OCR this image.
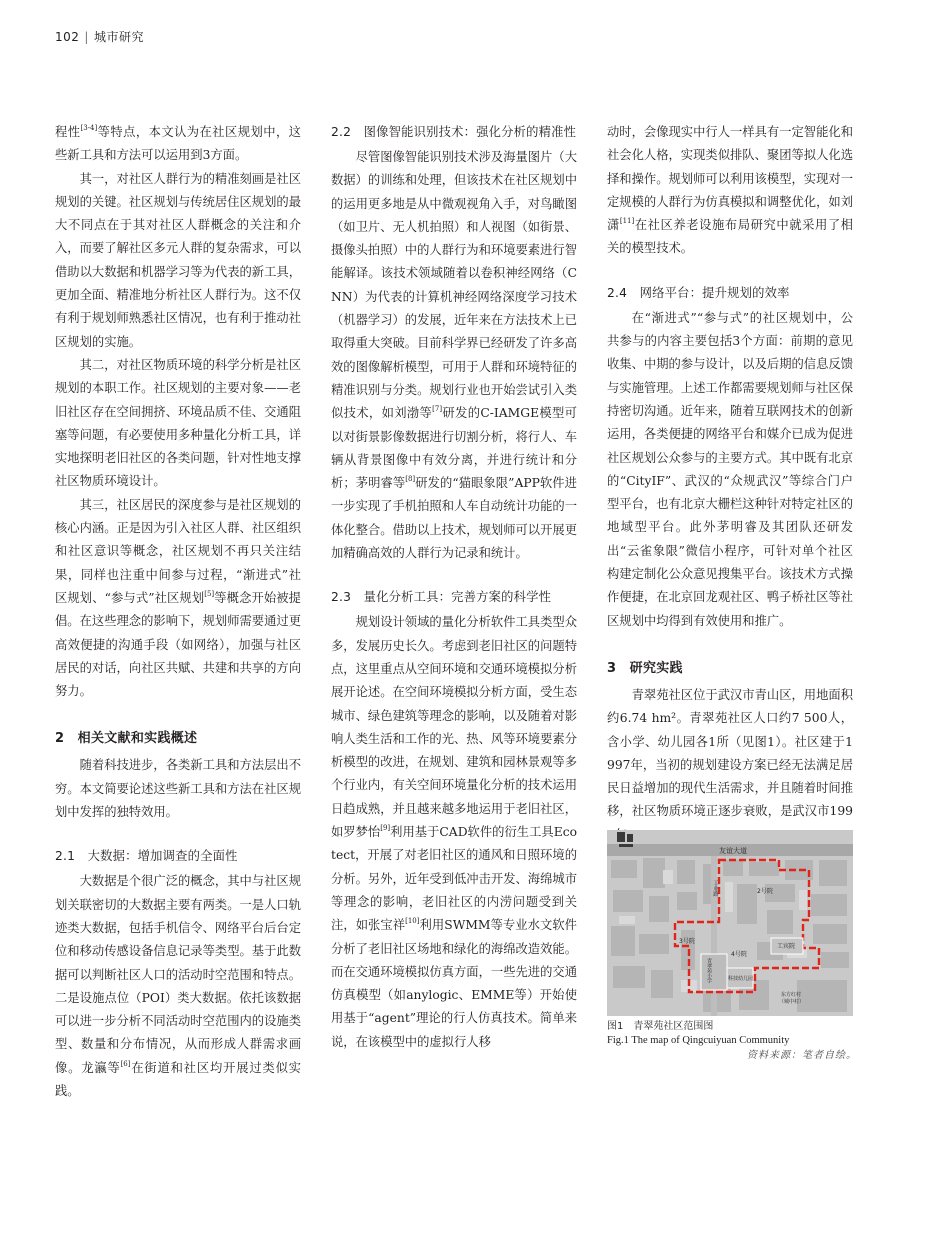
102 | 城市研究

程性[3-4]等特点，本文认为在社区规划中，这些新工具和方法可以运用到3方面。

其一，对社区人群行为的精准刻画是社区规划的关键。社区规划与传统居住区规划的最大不同点在于其对社区人群概念的关注和介入，而要了解社区多元人群的复杂需求，可以借助以大数据和机器学习等为代表的新工具，更加全面、精准地分析社区人群行为。这不仅有利于规划师熟悉社区情况，也有利于推动社区规划的实施。

其二，对社区物质环境的科学分析是社区规划的本职工作。社区规划的主要对象——老旧社区存在空间拥挤、环境品质不佳、交通阻塞等问题，有必要使用多种量化分析工具，详实地探明老旧社区的各类问题，针对性地支撑社区物质环境设计。

其三，社区居民的深度参与是社区规划的核心内涵。正是因为引入社区人群、社区组织和社区意识等概念，社区规划不再只关注结果，同样也注重中间参与过程，“渐进式”社区规划、“参与式”社区规划[5]等概念开始被提倡。在这些理念的影响下，规划师需要通过更高效便捷的沟通手段（如网络），加强与社区居民的对话，向社区共赋、共建和共享的方向努力。

2　相关文献和实践概述

随着科技进步，各类新工具和方法层出不穷。本文简要论述这些新工具和方法在社区规划中发挥的独特效用。

2.1　大数据：增加调查的全面性

大数据是个很广泛的概念，其中与社区规划关联密切的大数据主要有两类。一是人口轨迹类大数据，包括手机信令、网络平台后台定位和移动传感设备信息记录等类型。基于此数据可以判断社区人口的活动时空范围和特点。二是设施点位（POI）类大数据。依托该数据可以进一步分析不同活动时空范围内的设施类型、数量和分布情况，从而形成人群需求画像。龙瀛等[6]在街道和社区均开展过类似实践。

2.2　图像智能识别技术：强化分析的精准性

尽管图像智能识别技术涉及海量图片（大数据）的训练和处理，但该技术在社区规划中的运用更多地是从中微观视角入手，对鸟瞰图（如卫片、无人机拍照）和人视图（如街景、摄像头拍照）中的人群行为和环境要素进行智能解译。该技术领域随着以卷积神经网络（CNN）为代表的计算机神经网络深度学习技术（机器学习）的发展，近年来在方法技术上已取得重大突破。目前科学界已经研发了许多高效的图像解析模型，可用于人群和环境特征的精准识别与分类。规划行业也开始尝试引入类似技术，如刘渤等[7]研发的C-IAMGE模型可以对街景影像数据进行切割分析，将行人、车辆从背景图像中有效分离，并进行统计和分析；茅明睿等[8]研发的“猫眼象限”APP软件进一步实现了手机拍照和人车自动统计功能的一体化整合。借助以上技术，规划师可以开展更加精确高效的人群行为记录和统计。

2.3　量化分析工具：完善方案的科学性

规划设计领域的量化分析软件工具类型众多，发展历史长久。考虑到老旧社区的问题特点，这里重点从空间环境和交通环境模拟分析展开论述。在空间环境模拟分析方面，受生态城市、绿色建筑等理念的影响，以及随着对影响人类生活和工作的光、热、风等环境要素分析模型的改进，在规划、建筑和园林景观等多个行业内，有关空间环境量化分析的技术运用日趋成熟，并且越来越多地运用于老旧社区，如罗梦怡[9]利用基于CAD软件的衍生工具Ecotect，开展了对老旧社区的通风和日照环境的分析。另外，近年受到低冲击开发、海绵城市等理念的影响，老旧社区的内涝问题受到关注，如张宝祥[10]利用SWMM等专业水文软件分析了老旧社区场地和绿化的海绵改造效能。而在交通环境模拟仿真方面，一些先进的交通仿真模型（如anylogic、EMME等）开始使用基于“agent”理论的行人仿真技术。简单来说，在该模型中的虚拟行人移

动时，会像现实中行人一样具有一定智能化和社会化人格，实现类似排队、聚团等拟人化选择和操作。规划师可以利用该模型，实现对一定规模的人群行为仿真模拟和调整优化，如刘潇[11]在社区养老设施布局研究中就采用了相关的模型技术。

2.4　网络平台：提升规划的效率

在“渐进式”“参与式”的社区规划中，公共参与的内容主要包括3个方面：前期的意见收集、中期的参与设计，以及后期的信息反馈与实施管理。上述工作都需要规划师与社区保持密切沟通。近年来，随着互联网技术的创新运用，各类便捷的网络平台和媒介已成为促进社区规划公众参与的主要方式。其中既有北京的“CityIF”、武汉的“众规武汉”等综合门户型平台，也有北京大栅栏这种针对特定社区的地域型平台。此外茅明睿及其团队还研发出“云雀象限”微信小程序，可针对单个社区构建定制化公众意见搜集平台。该技术方式操作便捷，在北京回龙观社区、鸭子桥社区等社区规划中均得到有效使用和推广。

3　研究实践

青翠苑社区位于武汉市青山区，用地面积约6.74 hm²。青翠苑社区人口约7 500人，含小学、幼儿园各1所（见图1）。社区建于1997年，当初的规划建设方案已经无法满足居民日益增加的现代生活需求，并且随着时间推移，社区物质环境正逐步衰败，是武汉市199

友谊大道
工业路	2号院
3号院
4号院
工宾院
青翠苑小学	科技幼儿园
东方红村
（城中村）
图1 青翠苑社区范围图
Fig.1 The map of Qingcuiyuan Community
资料来源：笔者自绘。
